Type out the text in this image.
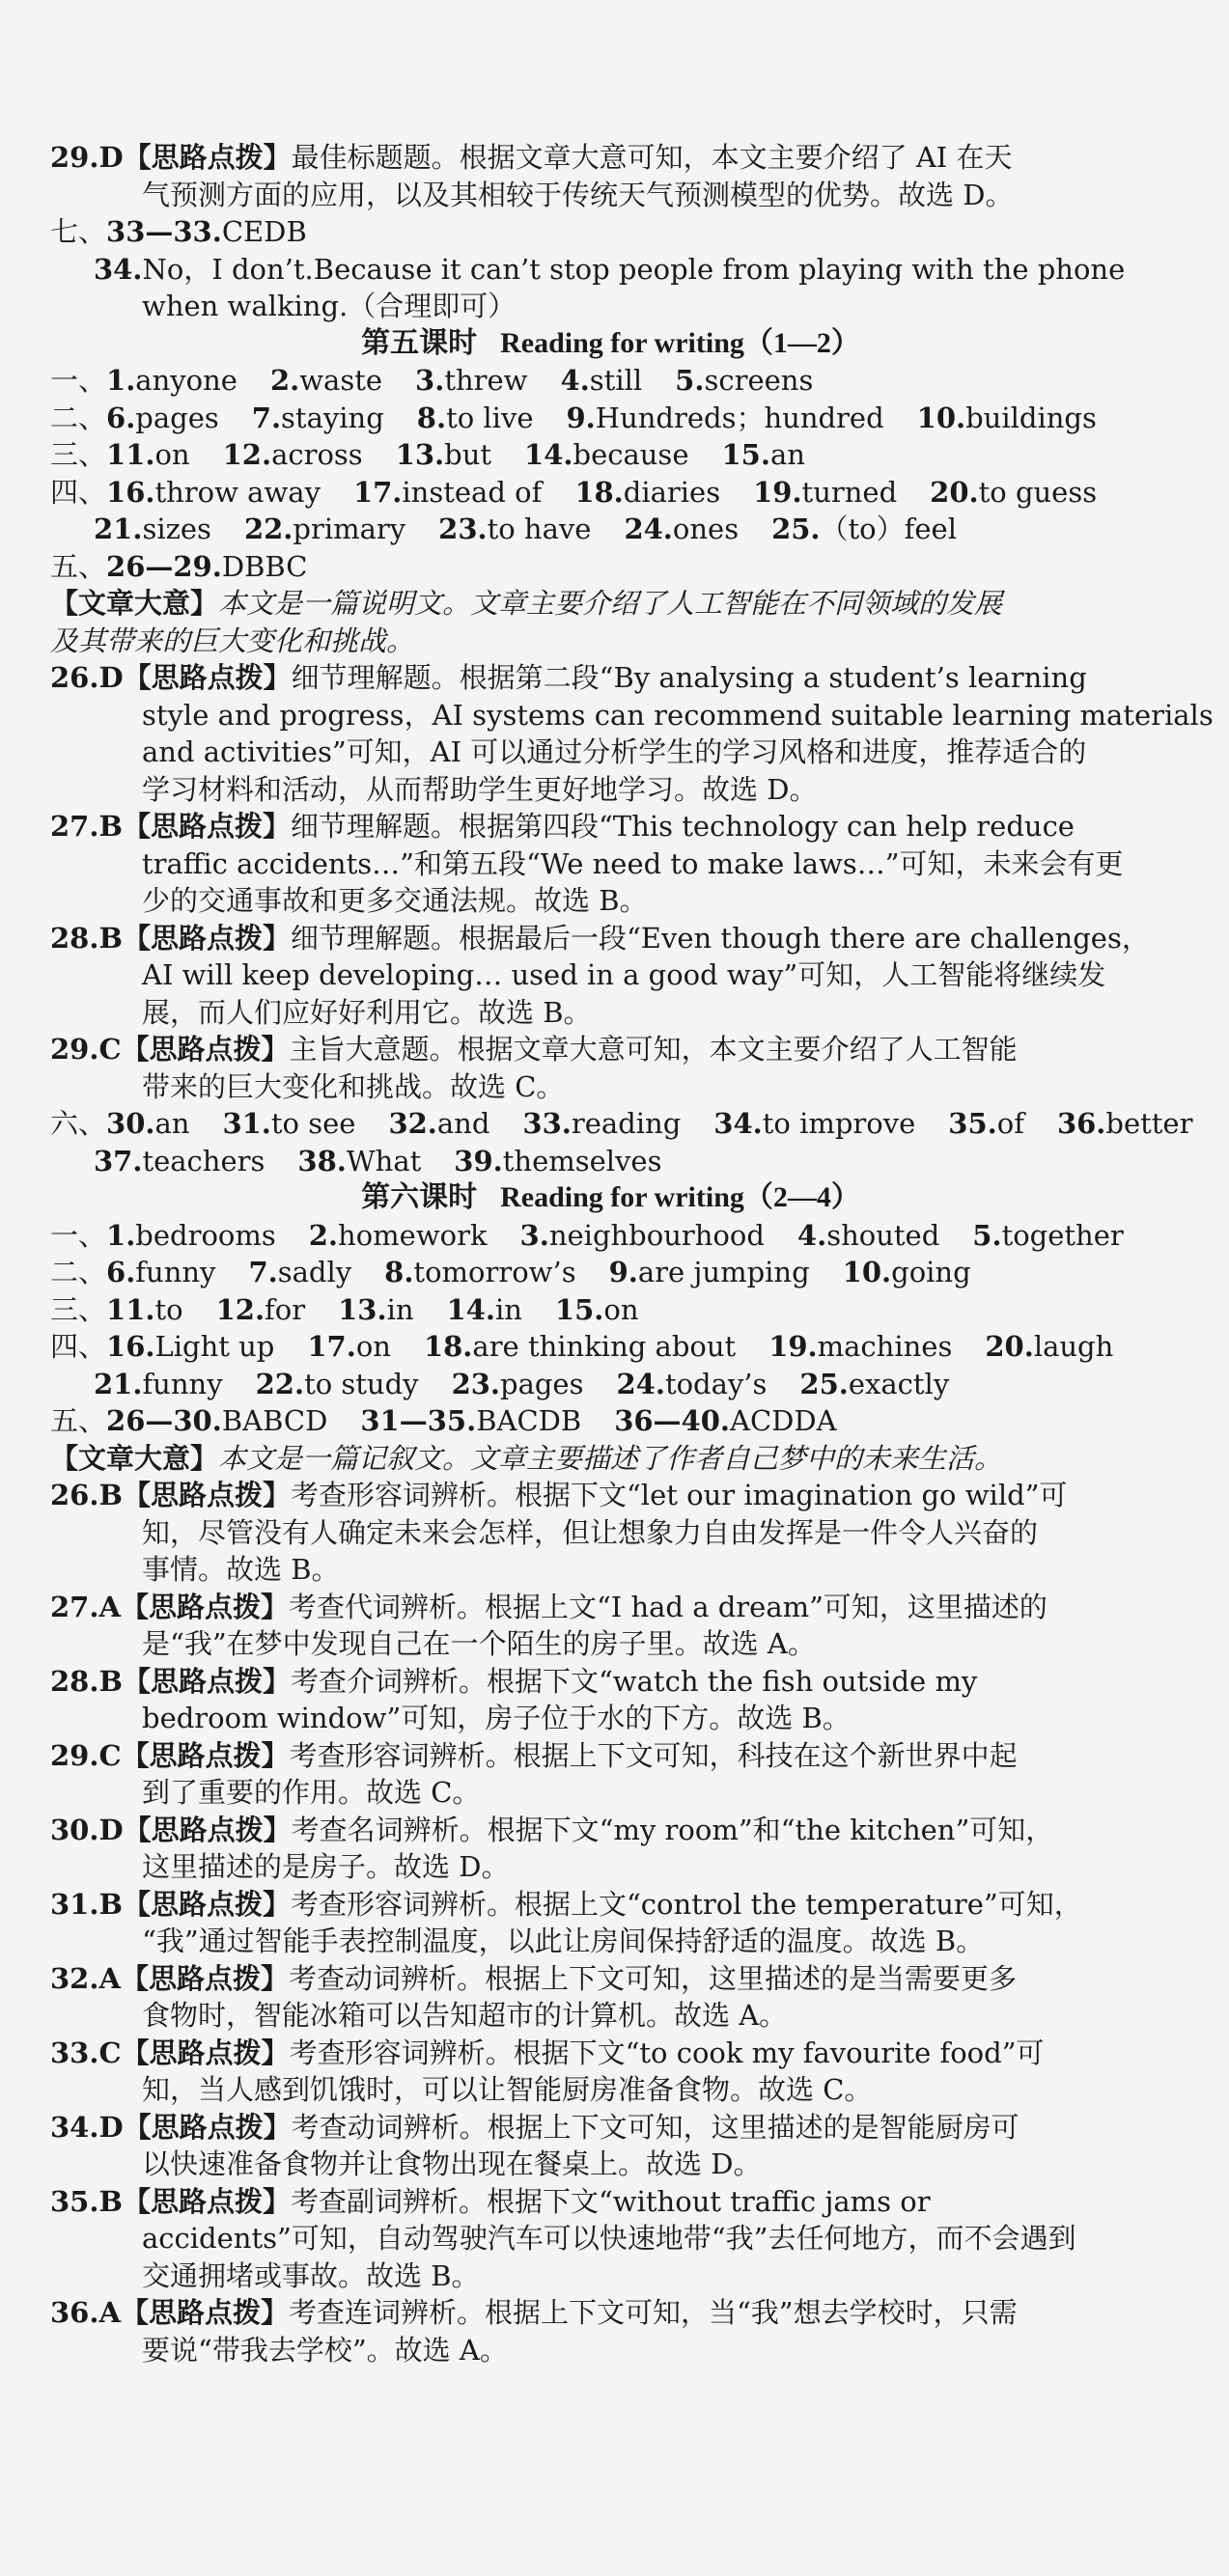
29.D【思路点拨】最佳标题题。根据文章大意可知，本文主要介绍了 AI 在天
气预测方面的应用，以及其相较于传统天气预测模型的优势。故选 D。
七、33—33.CEDB
34.No，I don’t.Because it can’t stop people from playing with the phone
when walking.（合理即可）
第五课时 Reading for writing（1—2）
一、1.anyone 2.waste 3.threw 4.still 5.screens
二、6.pages 7.staying 8.to live 9.Hundreds；hundred 10.buildings
三、11.on 12.across 13.but 14.because 15.an
四、16.throw away 17.instead of 18.diaries 19.turned 20.to guess
21.sizes 22.primary 23.to have 24.ones 25.（to）feel
五、26—29.DBBC
【文章大意】本文是一篇说明文。文章主要介绍了人工智能在不同领域的发展
及其带来的巨大变化和挑战。
26.D【思路点拨】细节理解题。根据第二段“By analysing a student’s learning
style and progress，AI systems can recommend suitable learning materials
and activities”可知，AI 可以通过分析学生的学习风格和进度，推荐适合的
学习材料和活动，从而帮助学生更好地学习。故选 D。
27.B【思路点拨】细节理解题。根据第四段“This technology can help reduce
traffic accidents…”和第五段“We need to make laws…”可知，未来会有更
少的交通事故和更多交通法规。故选 B。
28.B【思路点拨】细节理解题。根据最后一段“Even though there are challenges，
AI will keep developing… used in a good way”可知，人工智能将继续发
展，而人们应好好利用它。故选 B。
29.C【思路点拨】主旨大意题。根据文章大意可知，本文主要介绍了人工智能
带来的巨大变化和挑战。故选 C。
六、30.an 31.to see 32.and 33.reading 34.to improve 35.of 36.better
37.teachers 38.What 39.themselves
第六课时 Reading for writing（2—4）
一、1.bedrooms 2.homework 3.neighbourhood 4.shouted 5.together
二、6.funny 7.sadly 8.tomorrow’s 9.are jumping 10.going
三、11.to 12.for 13.in 14.in 15.on
四、16.Light up 17.on 18.are thinking about 19.machines 20.laugh
21.funny 22.to study 23.pages 24.today’s 25.exactly
五、26—30.BABCD 31—35.BACDB 36—40.ACDDA
【文章大意】本文是一篇记叙文。文章主要描述了作者自己梦中的未来生活。
26.B【思路点拨】考查形容词辨析。根据下文“let our imagination go wild”可
知，尽管没有人确定未来会怎样，但让想象力自由发挥是一件令人兴奋的
事情。故选 B。
27.A【思路点拨】考查代词辨析。根据上文“I had a dream”可知，这里描述的
是“我”在梦中发现自己在一个陌生的房子里。故选 A。
28.B【思路点拨】考查介词辨析。根据下文“watch the fish outside my
bedroom window”可知，房子位于水的下方。故选 B。
29.C【思路点拨】考查形容词辨析。根据上下文可知，科技在这个新世界中起
到了重要的作用。故选 C。
30.D【思路点拨】考查名词辨析。根据下文“my room”和“the kitchen”可知，
这里描述的是房子。故选 D。
31.B【思路点拨】考查形容词辨析。根据上文“control the temperature”可知，
“我”通过智能手表控制温度，以此让房间保持舒适的温度。故选 B。
32.A【思路点拨】考查动词辨析。根据上下文可知，这里描述的是当需要更多
食物时，智能冰箱可以告知超市的计算机。故选 A。
33.C【思路点拨】考查形容词辨析。根据下文“to cook my favourite food”可
知，当人感到饥饿时，可以让智能厨房准备食物。故选 C。
34.D【思路点拨】考查动词辨析。根据上下文可知，这里描述的是智能厨房可
以快速准备食物并让食物出现在餐桌上。故选 D。
35.B【思路点拨】考查副词辨析。根据下文“without traffic jams or
accidents”可知，自动驾驶汽车可以快速地带“我”去任何地方，而不会遇到
交通拥堵或事故。故选 B。
36.A【思路点拨】考查连词辨析。根据上下文可知，当“我”想去学校时，只需
要说“带我去学校”。故选 A。
